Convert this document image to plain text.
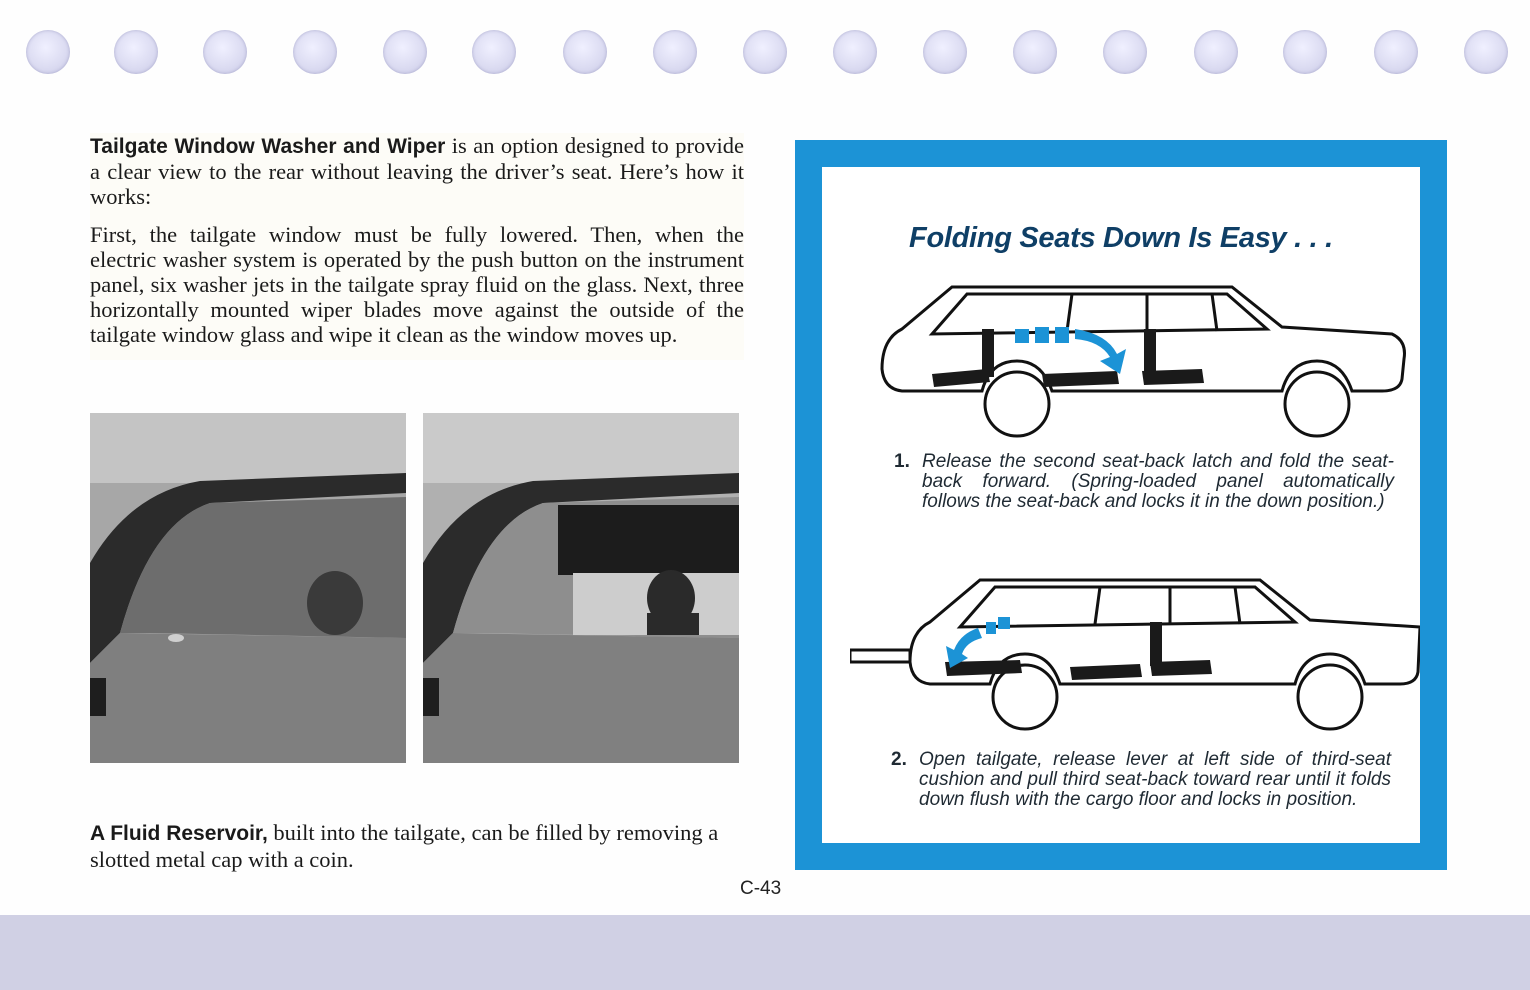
Tailgate Window Washer and Wiper is an option designed to provide a clear view to the rear without leaving the driver’s seat. Here’s how it works:

First, the tailgate window must be fully lowered. Then, when the electric washer system is operated by the push button on the instrument panel, six washer jets in the tailgate spray fluid on the glass. Next, three horizontally mounted wiper blades move against the outside of the tailgate window glass and wipe it clean as the window moves up.

A Fluid Reservoir, built into the tailgate, can be filled by removing a slotted metal cap with a coin.

C-43
Folding Seats Down Is Easy . . .
1. Release the second seat-back latch and fold the seat-back forward. (Spring-loaded panel automatically follows the seat-back and locks it in the down position.)
2. Open tailgate, release lever at left side of third-seat cushion and pull third seat-back toward rear until it folds down flush with the cargo floor and locks in position.
